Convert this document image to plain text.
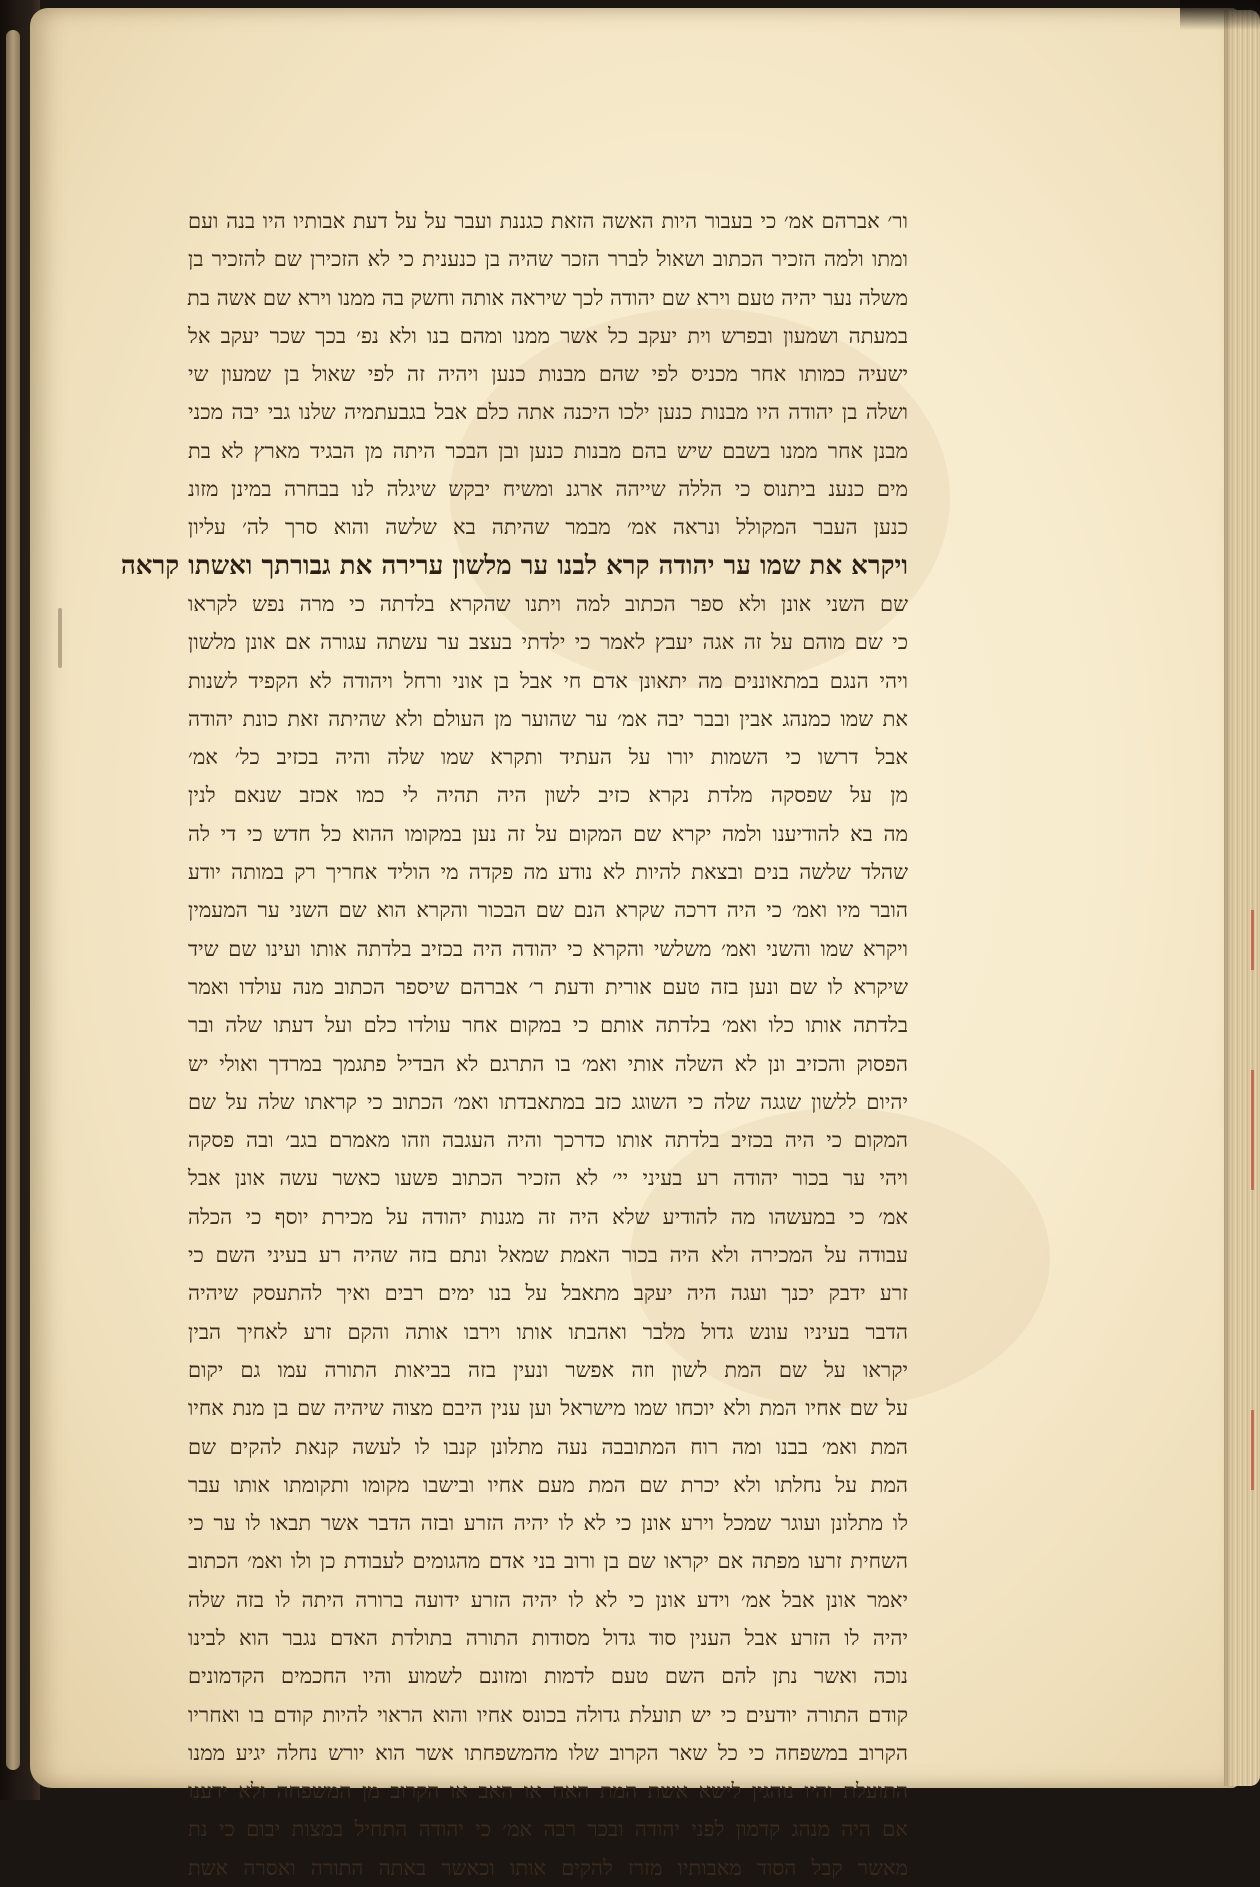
ור׳ אברהם אמ׳ כי בעבור היות האשה הזאת כגננת ועבר על על דעת אבותיו היו בנה ועם
ומתו ולמה הזכיר הכתוב ושאול לברר הזכר שהיה בן כנענית כי לא הזכירן שם להזכיר בן
משלה נער יהיה טעם וירא שם יהודה לכך שיראה אותה וחשק בה ממנו וירא שם אשה בת
במעתה ושמעון ובפרש וית יעקב כל אשר ממנו ומהם בנו ולא נפ׳ בכך שכר יעקב אל
ישעיה כמותו אחר מכניס לפי שהם מבנות כנען ויהיה זה לפי שאול בן שמעון שי
ושלה בן יהודה היו מבנות כנען ילכו היכנה אתה כלם אבל בגבעתמיה שלנו גבי יבה מכני
מבנן אחר ממנו בשבם שיש בהם מבנות כנען ובן הבכר היתה מן הבגיד מארץ לא בת
מים כנענ ביתנוס כי הללה שייהה ארגנ ומשיח יבקש שיגלה לנו בבחרה במינן מזונ
כנען העבר המקולל ונראה אמ׳ מבמר שהיתה בא שלשה והוא סרך לה׳ עליון
ויקרא את שמו ער יהודה קרא לבנו ער מלשון ערירה את גבורתך ואשתו קראה
שם השני אונן ולא ספר הכתוב למה ויתנו שהקרא בלדתה כי מרה נפש לקראו
כי שם מוהם על זה אגה יעבץ לאמר כי ילדתי בעצב ער עשתה עגורה אם אונן מלשון
ויהי הנגם במתאוננים מה יתאונן אדם חי אבל בן אוני ורחל ויהודה לא הקפיד לשנות
את שמו כמנהג אבין ובבר יבה אמ׳ ער שהוער מן העולם ולא שהיתה זאת כונת יהודה
אבל דרשו כי השמות יורו על העתיד ותקרא שמו שלה והיה בכזיב כל׳ אמ׳
מן על שפסקה מלדת נקרא כזיב לשון היה תהיה לי כמו אכזב שנאם לנין
מה בא להודיענו ולמה יקרא שם המקום על זה נען במקומו ההוא כל חדש כי די לה
שהלד שלשה בנים ובצאת להיות לא נודע מה פקדה מי הוליד אחריך רק במותה יודע
הובר מיו ואמ׳ כי היה דרכה שקרא הנם שם הבכור והקרא הוא שם השני ער המעמין
ויקרא שמו והשני ואמ׳ משלשי והקרא כי יהודה היה בכזיב בלדתה אותו ועינו שם שיד
שיקרא לו שם ונען בזה טעם אורית ודעת ר׳ אברהם שיספר הכתוב מנה עולדו ואמר
בלדתה אותו כלו ואמ׳ בלדתה אותם כי במקום אחר עולדו כלם ועל דעתו שלה ובר
הפסוק והכזיב ונן לא השלה אותי ואמ׳ בו התרגם לא הבדיל פתגמך במרדך ואולי יש
יהיום ללשון שגגה שלה כי השוגג כזב במתאבדתו ואמ׳ הכתוב כי קראתו שלה על שם
המקום כי היה בכזיב בלדתה אותו כדרכך והיה העגבה וזהו מאמרם בגב׳ ובה פסקה
ויהי ער בכור יהודה רע בעיני יי׳ לא הזכיר הכתוב פשעו כאשר עשה אונן אבל
אמ׳ כי במעשהו מה להודיע שלא היה זה מגנות יהודה על מכירת יוסף כי הכלה
עבודה על המכירה ולא היה בכור האמת שמאל ונתם בזה שהיה רע בעיני השם כי
זרע ידבק יכנך ועגה היה יעקב מתאבל על בנו ימים רבים ואיך להתעסק שיהיה
הדבר בעיניו עונש גדול מלבר ואהבתו אותו וירבו אותה והקם זרע לאחיך הבין
יקראו על שם המת לשון וזה אפשר ונעין בזה בביאות התורה עמו גם יקום
על שם אחיו המת ולא יוכחו שמו מישראל וען ענין היבם מצוה שיהיה שם בן מנת אחיו
המת ואמ׳ בבנו ומה רוח המתובבה נעה מתלונן קנבו לו לעשה קנאת להקים שם
המת על נחלתו ולא יכרת שם המת מעם אחיו ובישבו מקומו ותקומתו אותו עבר
לו מתלונן ועוגר שמכל וירע אונן כי לא לו יהיה הזרע ובזה הדבר אשר תבאו לו ער כי
השחית זרעו מפתה אם יקראו שם בן ורוב בני אדם מהגומים לעבודת כן ולו ואמ׳ הכתוב
יאמר אונן אבל אמ׳ וידע אונן כי לא לו יהיה הזרע ידועה ברורה היתה לו בזה שלה
יהיה לו הזרע אבל הענין סוד גדול מסודות התורה בתולדת האדם נגבר הוא לבינו
נוכה ואשר נתן להם השם טעם לדמות ומזונם לשמוע והיו החכמים הקדמונים
קודם התורה יודעים כי יש תועלת גדולה בכונס אחיו והוא הראוי להיות קודם בו ואחריו
הקרוב במשפחה כי כל שאר הקרוב שלו מהמשפחתו אשר הוא יורש נחלה יגיע ממנו
התועלת והיו נוהגין לישא אשת המת האח או האב או הקרוב מן המשפחה ולא ידענו
אם היה מנהג קדמון לפני יהודה ובכר רבה אמ׳ כי יהודה התחיל במצות יבום כי נת
מאשר קבל הסוד מאבותיו מזרז להקים אותו וכאשר באתה התורה ואסרה אשת
